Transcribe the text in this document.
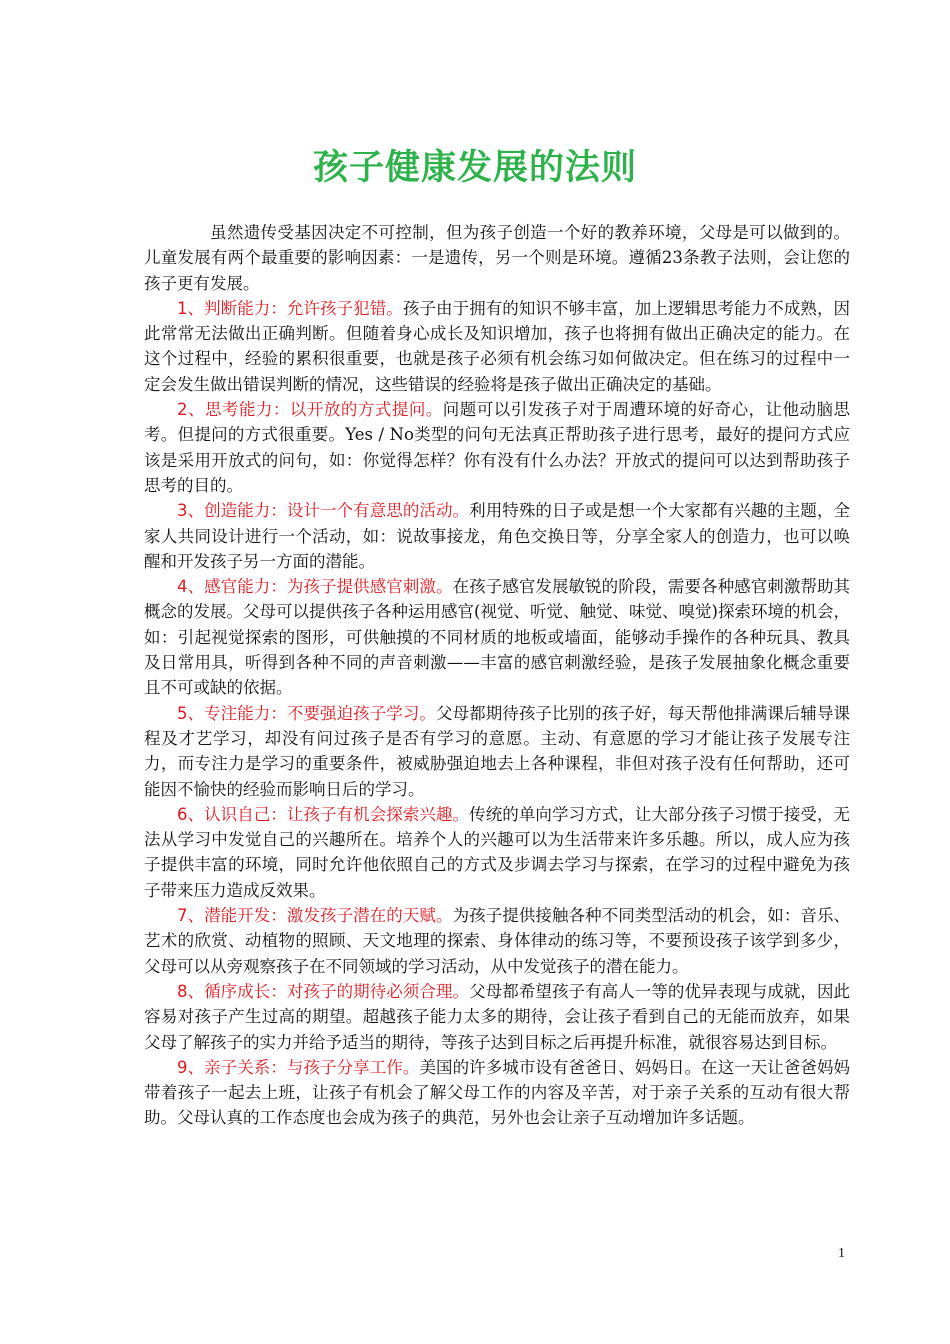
孩子健康发展的法则

虽然遗传受基因决定不可控制，但为孩子创造一个好的教养环境，父母是可以做到的。儿童发展有两个最重要的影响因素：一是遗传，另一个则是环境。遵循23条教子法则，会让您的孩子更有发展。

1、判断能力：允许孩子犯错。孩子由于拥有的知识不够丰富，加上逻辑思考能力不成熟，因此常常无法做出正确判断。但随着身心成长及知识增加，孩子也将拥有做出正确决定的能力。在这个过程中，经验的累积很重要，也就是孩子必须有机会练习如何做决定。但在练习的过程中一定会发生做出错误判断的情况，这些错误的经验将是孩子做出正确决定的基础。

2、思考能力：以开放的方式提问。问题可以引发孩子对于周遭环境的好奇心，让他动脑思考。但提问的方式很重要。Yes / No类型的问句无法真正帮助孩子进行思考，最好的提问方式应该是采用开放式的问句，如：你觉得怎样？你有没有什么办法？开放式的提问可以达到帮助孩子思考的目的。

3、创造能力：设计一个有意思的活动。利用特殊的日子或是想一个大家都有兴趣的主题，全家人共同设计进行一个活动，如：说故事接龙，角色交换日等，分享全家人的创造力，也可以唤醒和开发孩子另一方面的潜能。

4、感官能力：为孩子提供感官刺激。在孩子感官发展敏锐的阶段，需要各种感官刺激帮助其概念的发展。父母可以提供孩子各种运用感官(视觉、听觉、触觉、味觉、嗅觉)探索环境的机会，如：引起视觉探索的图形，可供触摸的不同材质的地板或墙面，能够动手操作的各种玩具、教具及日常用具，听得到各种不同的声音刺激——丰富的感官刺激经验，是孩子发展抽象化概念重要且不可或缺的依据。

5、专注能力：不要强迫孩子学习。父母都期待孩子比别的孩子好，每天帮他排满课后辅导课程及才艺学习，却没有问过孩子是否有学习的意愿。主动、有意愿的学习才能让孩子发展专注力，而专注力是学习的重要条件，被威胁强迫地去上各种课程，非但对孩子没有任何帮助，还可能因不愉快的经验而影响日后的学习。

6、认识自己：让孩子有机会探索兴趣。传统的单向学习方式，让大部分孩子习惯于接受，无法从学习中发觉自己的兴趣所在。培养个人的兴趣可以为生活带来许多乐趣。所以，成人应为孩子提供丰富的环境，同时允许他依照自己的方式及步调去学习与探索，在学习的过程中避免为孩子带来压力造成反效果。

7、潜能开发：激发孩子潜在的天赋。为孩子提供接触各种不同类型活动的机会，如：音乐、艺术的欣赏、动植物的照顾、天文地理的探索、身体律动的练习等，不要预设孩子该学到多少，父母可以从旁观察孩子在不同领域的学习活动，从中发觉孩子的潜在能力。

8、循序成长：对孩子的期待必须合理。父母都希望孩子有高人一等的优异表现与成就，因此容易对孩子产生过高的期望。超越孩子能力太多的期待，会让孩子看到自己的无能而放弃，如果父母了解孩子的实力并给予适当的期待，等孩子达到目标之后再提升标准，就很容易达到目标。

9、亲子关系：与孩子分享工作。美国的许多城市设有爸爸日、妈妈日。在这一天让爸爸妈妈带着孩子一起去上班，让孩子有机会了解父母工作的内容及辛苦，对于亲子关系的互动有很大帮助。父母认真的工作态度也会成为孩子的典范，另外也会让亲子互动增加许多话题。

1
